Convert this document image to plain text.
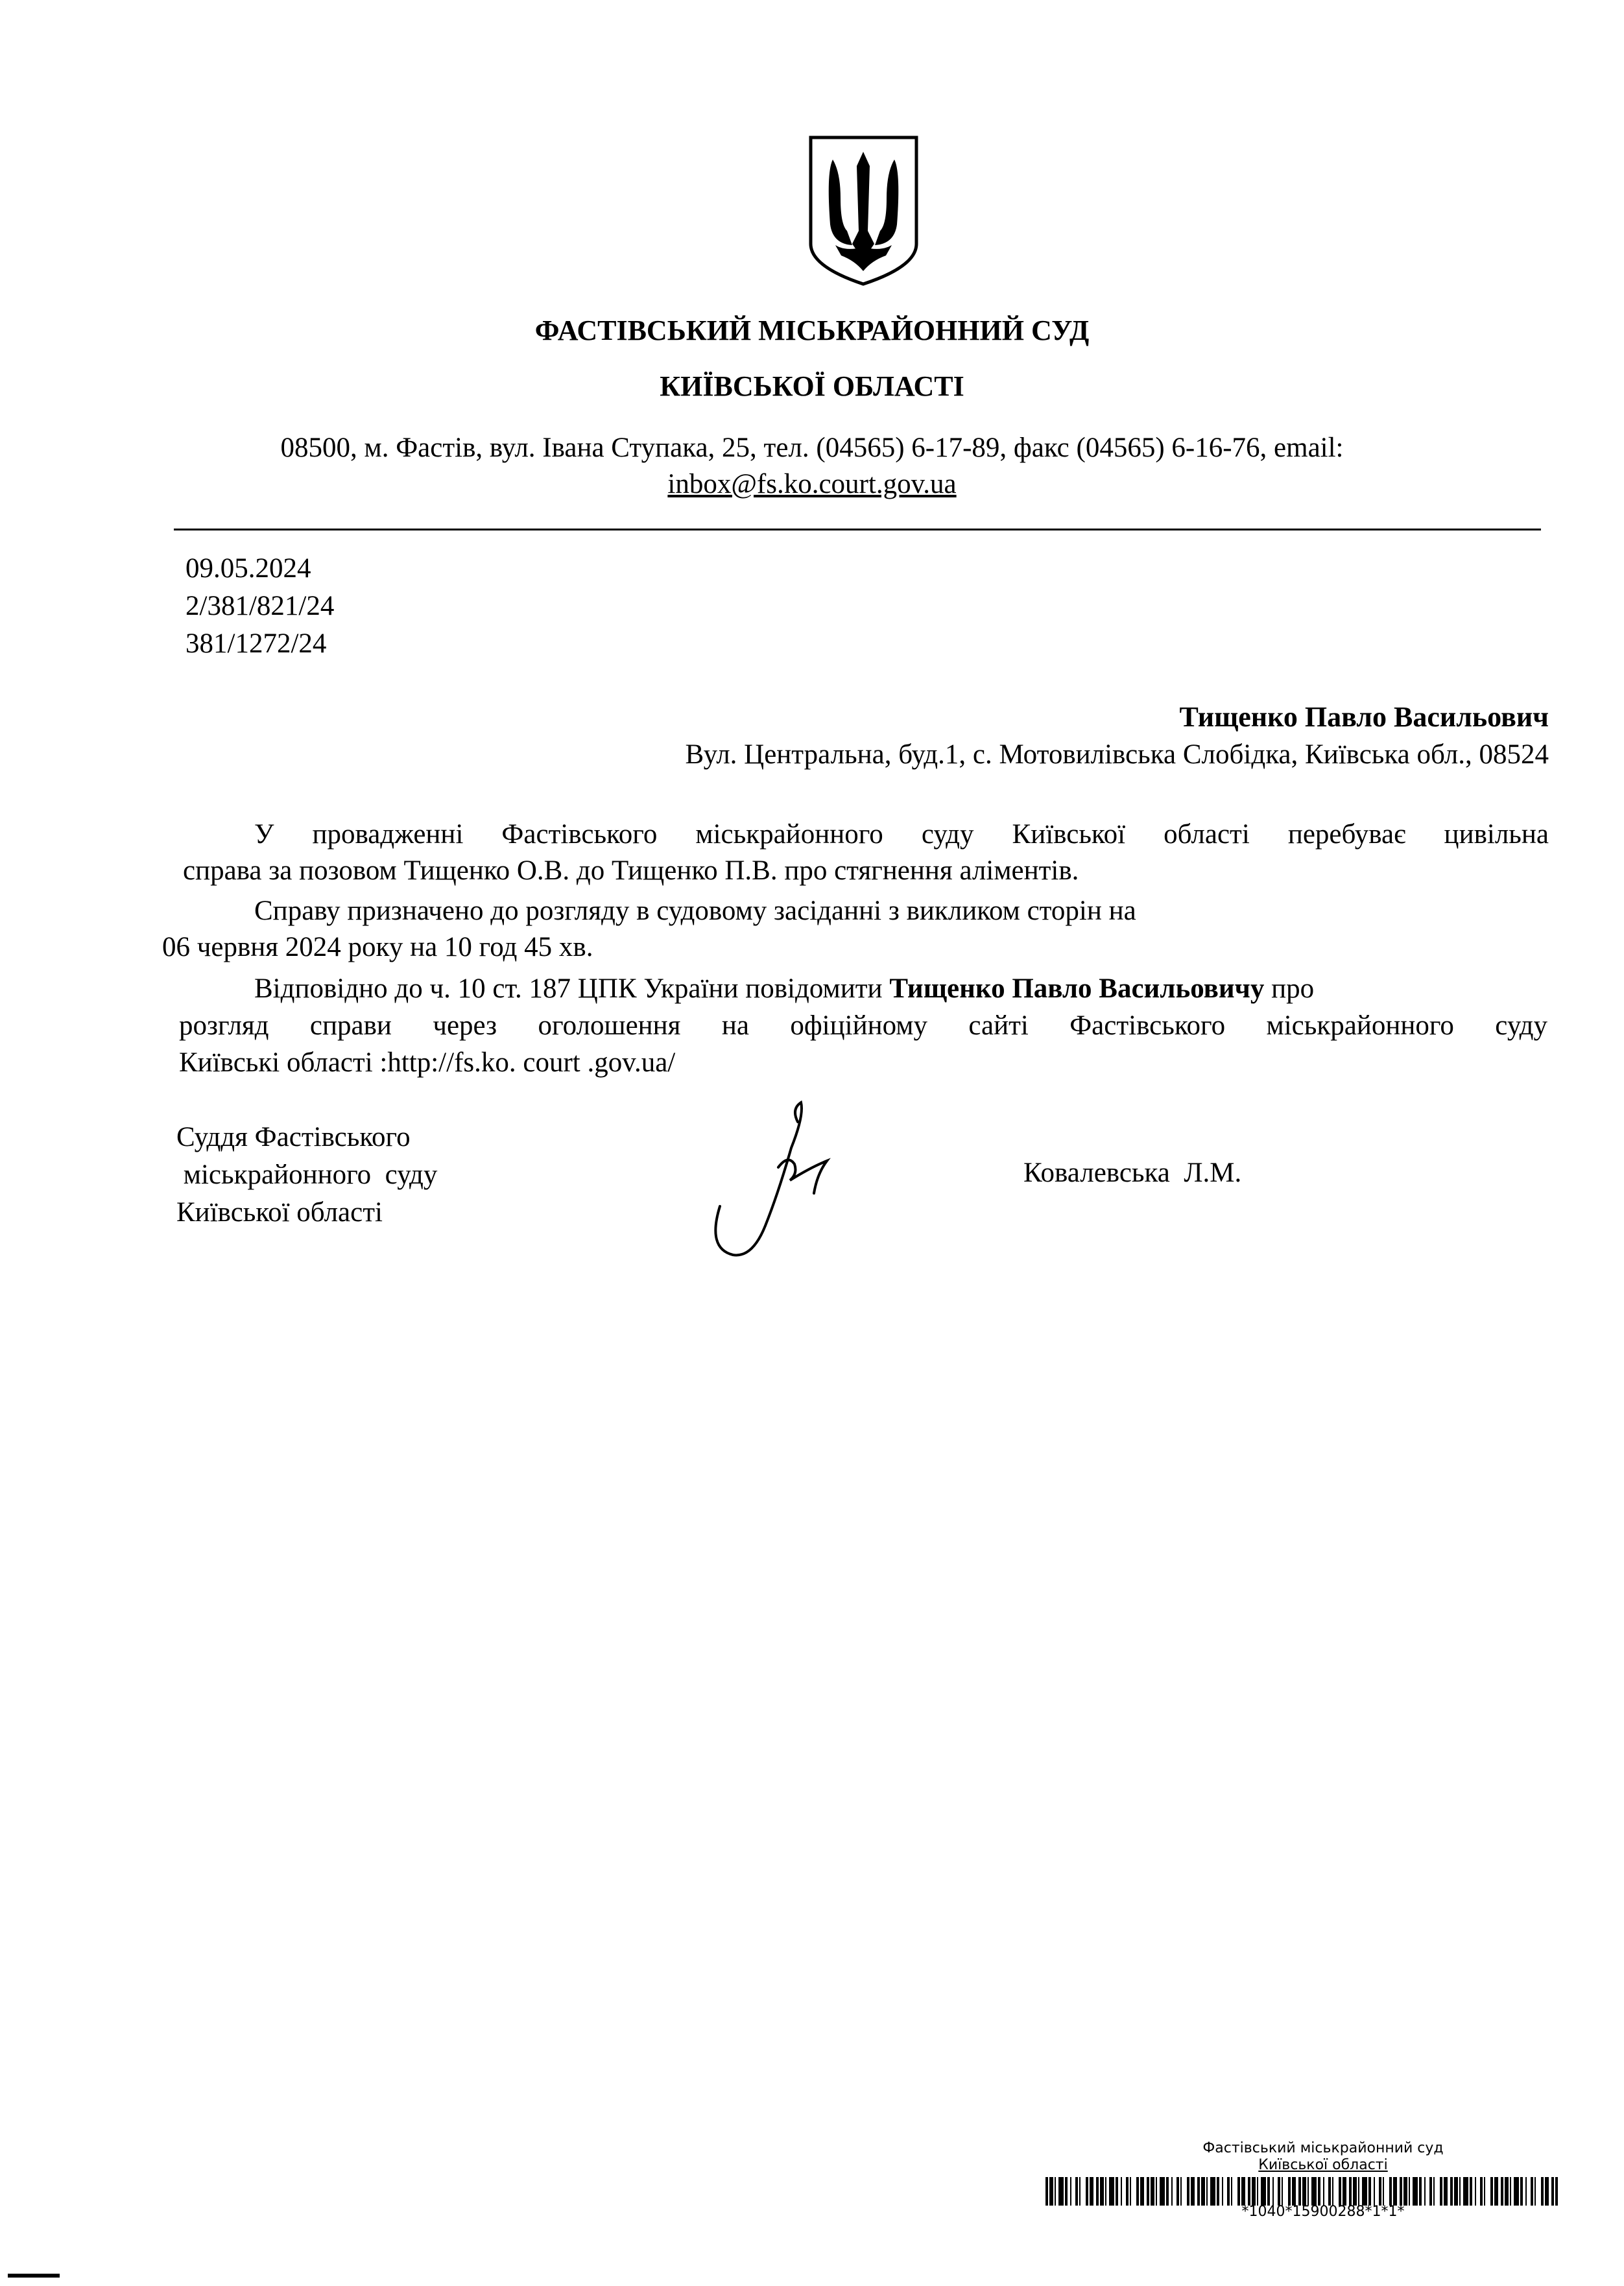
ФАСТІВСЬКИЙ МІСЬКРАЙОННИЙ СУД
КИЇВСЬКОЇ ОБЛАСТІ
08500, м. Фастів, вул. Івана Ступака, 25, тел. (04565) 6-17-89, факс (04565) 6-16-76, email:
inbox@fs.ko.court.gov.ua
09.05.2024
2/381/821/24
381/1272/24
Тищенко Павло Васильович
Вул. Центральна, буд.1, с. Мотовилівська Слобідка, Київська обл., 08524
У провадженні Фастівського міськрайонного суду Київської області перебуває цивільна
справа за позовом Тищенко О.В. до Тищенко П.В. про стягнення аліментів.
Справу призначено до розгляду в судовому засіданні з викликом сторін на
06 червня 2024 року на 10 год 45 хв.
Відповідно до ч. 10 ст. 187 ЦПК України повідомити Тищенко Павло Васильовичу про
розгляд справи через оголошення на офіційному сайті Фастівського міськрайонного суду
Київські області :http://fs.ko. court .gov.ua/
Суддя Фастівського
міськрайонного  суду
Київської області
Ковалевська  Л.М.
Фастівський міськрайонний суд
Київської області
*1040*15900288*1*1*
